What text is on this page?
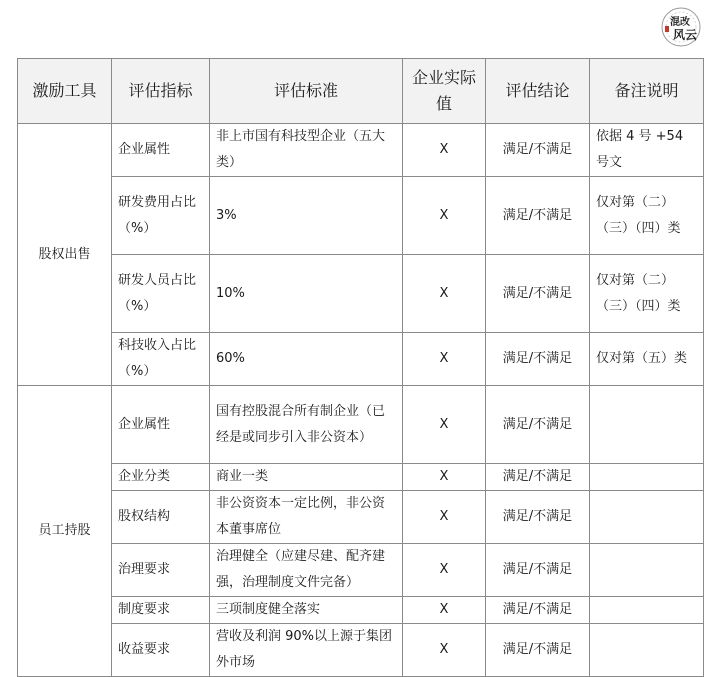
混改
风云
激励工具	评估指标	评估标准	企业实际值	评估结论	备注说明
股权出售	企业属性	非上市国有科技型企业（五大类）	X	满足/不满足	依据 4 号 +54 号文
	研发费用占比（%）	3%	X	满足/不满足	仅对第（二）（三）（四）类
	研发人员占比（%）	10%	X	满足/不满足	仅对第（二）（三）（四）类
	科技收入占比（%）	60%	X	满足/不满足	仅对第（五）类
员工持股	企业属性	国有控股混合所有制企业（已经是或同步引入非公资本）	X	满足/不满足	
	企业分类	商业一类	X	满足/不满足	
	股权结构	非公资资本一定比例，非公资本董事席位	X	满足/不满足	
	治理要求	治理健全（应建尽建、配齐建强，治理制度文件完备）	X	满足/不满足	
	制度要求	三项制度健全落实	X	满足/不满足	
	收益要求	营收及利润 90%以上源于集团外市场	X	满足/不满足	
